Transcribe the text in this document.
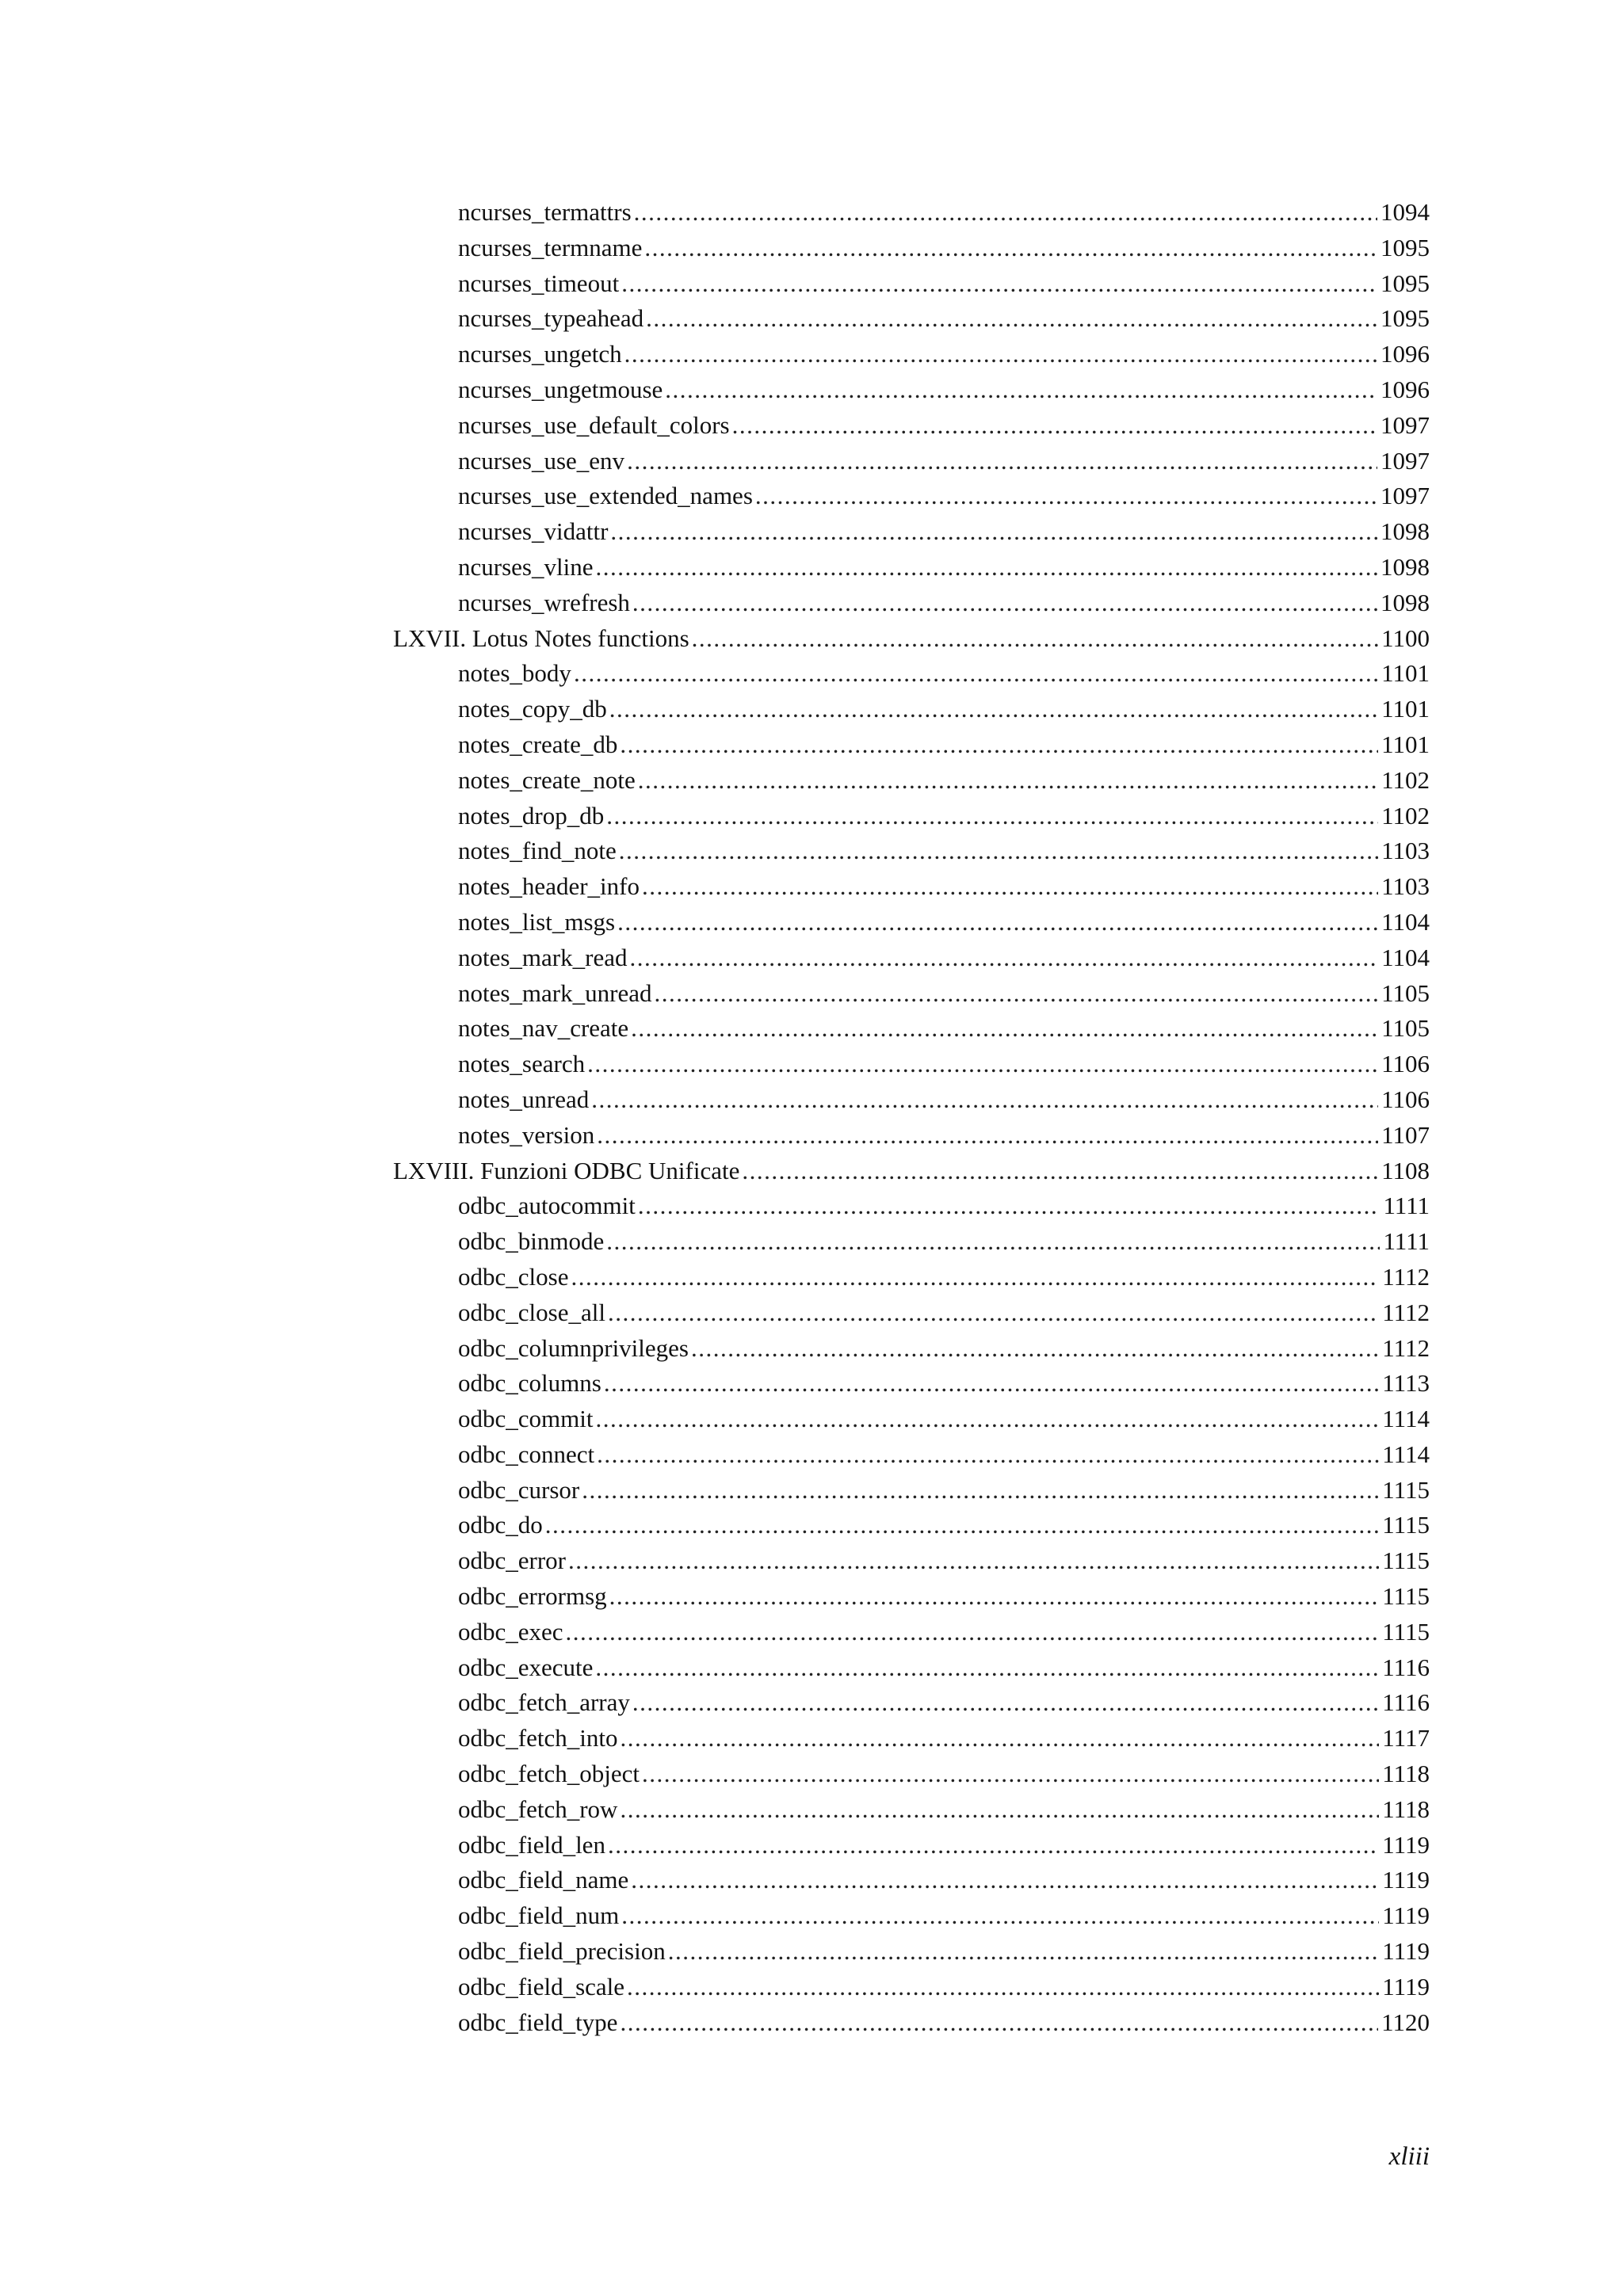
ncurses_termattrs .....	1094
ncurses_termname .....	1095
ncurses_timeout .....	1095
ncurses_typeahead .....	1095
ncurses_ungetch .....	1096
ncurses_ungetmouse .....	1096
ncurses_use_default_colors .....	1097
ncurses_use_env .....	1097
ncurses_use_extended_names .....	1097
ncurses_vidattr .....	1098
ncurses_vline .....	1098
ncurses_wrefresh .....	1098
LXVII. Lotus Notes functions .....	1100
notes_body .....	1101
notes_copy_db .....	1101
notes_create_db .....	1101
notes_create_note .....	1102
notes_drop_db .....	1102
notes_find_note .....	1103
notes_header_info .....	1103
notes_list_msgs .....	1104
notes_mark_read .....	1104
notes_mark_unread .....	1105
notes_nav_create .....	1105
notes_search .....	1106
notes_unread .....	1106
notes_version .....	1107
LXVIII. Funzioni ODBC Unificate .....	1108
odbc_autocommit .....	1111
odbc_binmode .....	1111
odbc_close .....	1112
odbc_close_all .....	1112
odbc_columnprivileges .....	1112
odbc_columns .....	1113
odbc_commit .....	1114
odbc_connect .....	1114
odbc_cursor .....	1115
odbc_do .....	1115
odbc_error .....	1115
odbc_errormsg .....	1115
odbc_exec .....	1115
odbc_execute .....	1116
odbc_fetch_array .....	1116
odbc_fetch_into .....	1117
odbc_fetch_object .....	1118
odbc_fetch_row .....	1118
odbc_field_len .....	1119
odbc_field_name .....	1119
odbc_field_num .....	1119
odbc_field_precision .....	1119
odbc_field_scale .....	1119
odbc_field_type .....	1120
xliii
